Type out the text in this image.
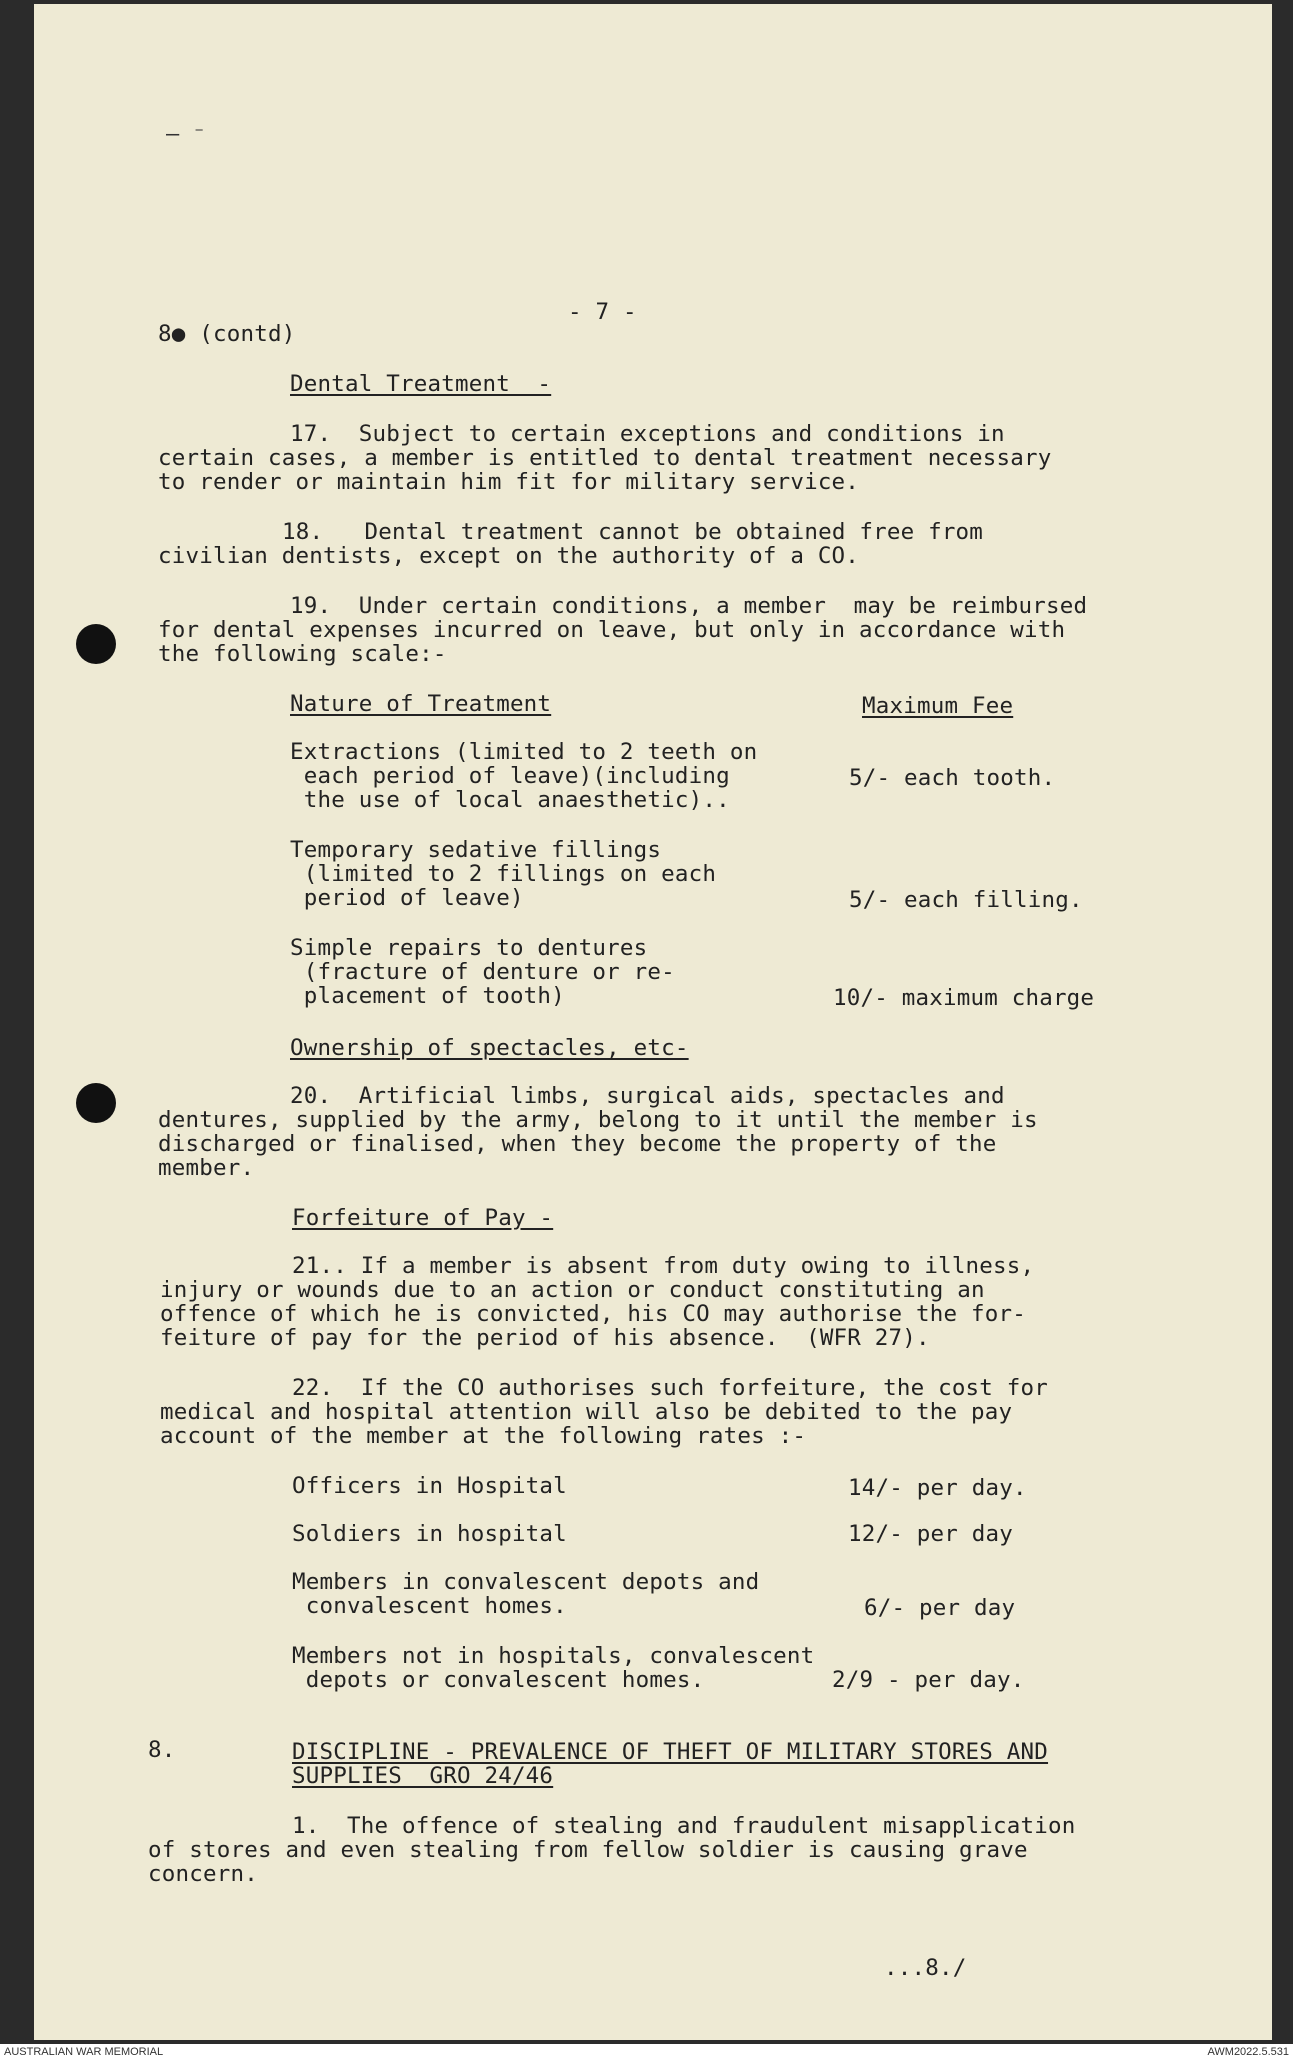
‒ ⁻
- 7 -
8● (contd)
Dental Treatment  -
17.  Subject to certain exceptions and conditions in
certain cases, a member is entitled to dental treatment necessary
to render or maintain him fit for military service.
18.   Dental treatment cannot be obtained free from
civilian dentists, except on the authority of a CO.
19.  Under certain conditions, a member  may be reimbursed
for dental expenses incurred on leave, but only in accordance with
the following scale:-
Nature of Treatment	Maximum Fee
Extractions (limited to 2 teeth on
each period of leave)(including
the use of local anaesthetic)..
5/- each tooth.
Temporary sedative fillings
(limited to 2 fillings on each
period of leave)	5/- each filling.
Simple repairs to dentures
(fracture of denture or re-
placement of tooth)	10/- maximum charge
Ownership of spectacles, etc-
20.  Artificial limbs, surgical aids, spectacles and
dentures, supplied by the army, belong to it until the member is
discharged or finalised, when they become the property of the
member.
Forfeiture of Pay -
21.. If a member is absent from duty owing to illness,
injury or wounds due to an action or conduct constituting an
offence of which he is convicted, his CO may authorise the for-
feiture of pay for the period of his absence.  (WFR 27).
22.  If the CO authorises such forfeiture, the cost for
medical and hospital attention will also be debited to the pay
account of the member at the following rates :-
Officers in Hospital	14/- per day.
Soldiers in hospital	12/- per day
Members in convalescent depots and
convalescent homes.	6/- per day
Members not in hospitals, convalescent
depots or convalescent homes.	2/9 - per day.
8.	DISCIPLINE - PREVALENCE OF THEFT OF MILITARY STORES AND
SUPPLIES  GRO 24/46
1.  The offence of stealing and fraudulent misapplication
of stores and even stealing from fellow soldier is causing grave
concern.
...8./
AUSTRALIAN WAR MEMORIAL	AWM2022.5.531
